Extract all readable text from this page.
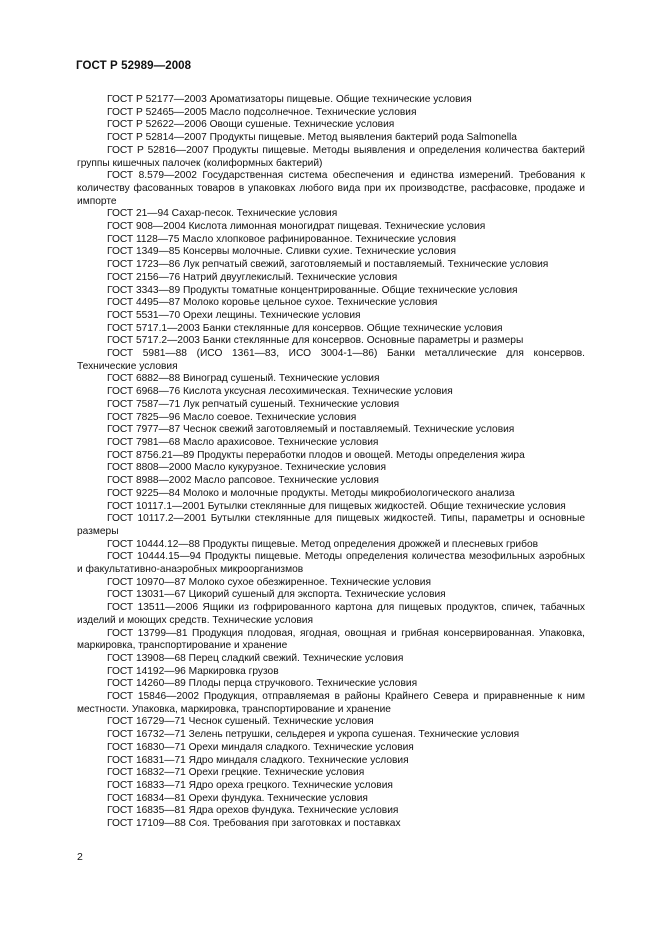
ГОСТ Р 52989—2008

ГОСТ Р 52177—2003 Ароматизаторы пищевые. Общие технические условия

ГОСТ Р 52465—2005 Масло подсолнечное. Технические условия

ГОСТ Р 52622—2006 Овощи сушеные. Технические условия

ГОСТ Р 52814—2007 Продукты пищевые. Метод выявления бактерий рода Salmonella

ГОСТ Р 52816—2007 Продукты пищевые. Методы выявления и определения количества бактерий группы кишечных палочек (колиформных бактерий)

ГОСТ 8.579—2002 Государственная система обеспечения и единства измерений. Требования к количеству фасованных товаров в упаковках любого вида при их производстве, расфасовке, продаже и импорте

ГОСТ 21—94 Сахар-песок. Технические условия

ГОСТ 908—2004 Кислота лимонная моногидрат пищевая. Технические условия

ГОСТ 1128—75 Масло хлопковое рафинированное. Технические условия

ГОСТ 1349—85 Консервы молочные. Сливки сухие. Технические условия

ГОСТ 1723—86 Лук репчатый свежий, заготовляемый и поставляемый. Технические условия

ГОСТ 2156—76 Натрий двууглекислый. Технические условия

ГОСТ 3343—89 Продукты томатные концентрированные. Общие технические условия

ГОСТ 4495—87 Молоко коровье цельное сухое. Технические условия

ГОСТ 5531—70 Орехи лещины. Технические условия

ГОСТ 5717.1—2003 Банки стеклянные для консервов. Общие технические условия

ГОСТ 5717.2—2003 Банки стеклянные для консервов. Основные параметры и размеры

ГОСТ 5981—88 (ИСО 1361—83, ИСО 3004-1—86) Банки металлические для консервов. Технические условия

ГОСТ 6882—88 Виноград сушеный. Технические условия

ГОСТ 6968—76 Кислота уксусная лесохимическая. Технические условия

ГОСТ 7587—71 Лук репчатый сушеный. Технические условия

ГОСТ 7825—96 Масло соевое. Технические условия

ГОСТ 7977—87 Чеснок свежий заготовляемый и поставляемый. Технические условия

ГОСТ 7981—68 Масло арахисовое. Технические условия

ГОСТ 8756.21—89 Продукты переработки плодов и овощей. Методы определения жира

ГОСТ 8808—2000 Масло кукурузное. Технические условия

ГОСТ 8988—2002 Масло рапсовое. Технические условия

ГОСТ 9225—84 Молоко и молочные продукты. Методы микробиологического анализа

ГОСТ 10117.1—2001 Бутылки стеклянные для пищевых жидкостей. Общие технические условия

ГОСТ 10117.2—2001 Бутылки стеклянные для пищевых жидкостей. Типы, параметры и основные размеры

ГОСТ 10444.12—88 Продукты пищевые. Метод определения дрожжей и плесневых грибов

ГОСТ 10444.15—94 Продукты пищевые. Методы определения количества мезофильных аэробных и факультативно-анаэробных микроорганизмов

ГОСТ 10970—87 Молоко сухое обезжиренное. Технические условия

ГОСТ 13031—67 Цикорий сушеный для экспорта. Технические условия

ГОСТ 13511—2006 Ящики из гофрированного картона для пищевых продуктов, спичек, табачных изделий и моющих средств. Технические условия

ГОСТ 13799—81 Продукция плодовая, ягодная, овощная и грибная консервированная. Упаковка, маркировка, транспортирование и хранение

ГОСТ 13908—68 Перец сладкий свежий. Технические условия

ГОСТ 14192—96 Маркировка грузов

ГОСТ 14260—89 Плоды перца стручкового. Технические условия

ГОСТ 15846—2002 Продукция, отправляемая в районы Крайнего Севера и приравненные к ним местности. Упаковка, маркировка, транспортирование и хранение

ГОСТ 16729—71 Чеснок сушеный. Технические условия

ГОСТ 16732—71 Зелень петрушки, сельдерея и укропа сушеная. Технические условия

ГОСТ 16830—71 Орехи миндаля сладкого. Технические условия

ГОСТ 16831—71 Ядро миндаля сладкого. Технические условия

ГОСТ 16832—71 Орехи грецкие. Технические условия

ГОСТ 16833—71 Ядро ореха грецкого. Технические условия

ГОСТ 16834—81 Орехи фундука. Технические условия

ГОСТ 16835—81 Ядра орехов фундука. Технические условия

ГОСТ 17109—88 Соя. Требования при заготовках и поставках

2
